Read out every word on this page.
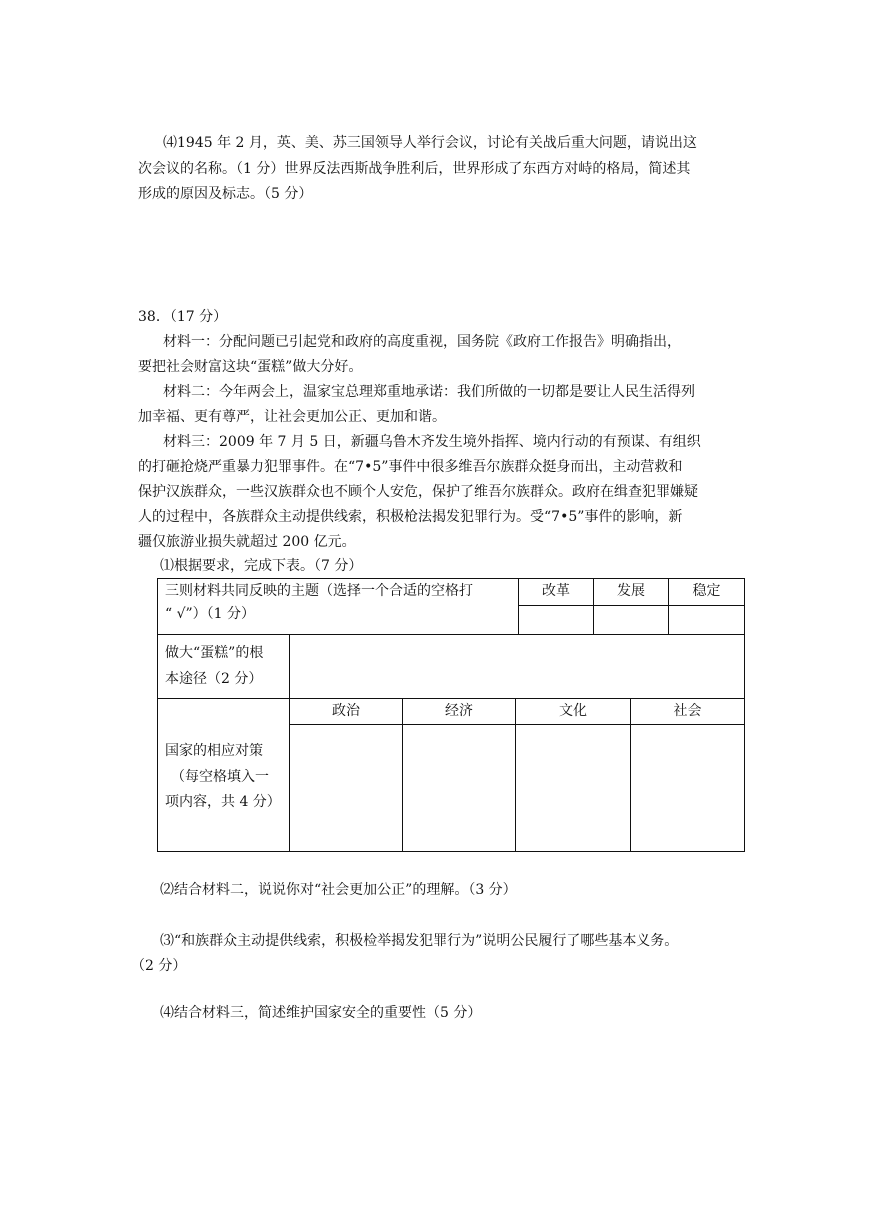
⑷1945 年 2 月，英、美、苏三国领导人举行会议，讨论有关战后重大问题，请说出这
次会议的名称。（1 分）世界反法西斯战争胜利后，世界形成了东西方对峙的格局，简述其
形成的原因及标志。（5 分）
38．（17 分）
材料一：分配问题已引起党和政府的高度重视，国务院《政府工作报告》明确指出，
要把社会财富这块“蛋糕”做大分好。
材料二：今年两会上，温家宝总理郑重地承诺：我们所做的一切都是要让人民生活得列
加幸福、更有尊严，让社会更加公正、更加和谐。
材料三：2009 年 7 月 5 日，新疆乌鲁木齐发生境外指挥、境内行动的有预谋、有组织
的打砸抢烧严重暴力犯罪事件。在“7•5”事件中很多维吾尔族群众挺身而出，主动营救和
保护汉族群众，一些汉族群众也不顾个人安危，保护了维吾尔族群众。政府在缉查犯罪嫌疑
人的过程中，各族群众主动提供线索，积极枪法揭发犯罪行为。受“7•5”事件的影响，新
疆仅旅游业损失就超过 200 亿元。
⑴根据要求，完成下表。（7 分）
三则材料共同反映的主题（选择一个合适的空格打
“ √”）（1 分）
改革	发展	稳定
做大“蛋糕”的根
本途径（2 分）
国家的相应对策
（每空格填入一
项内容，共 4 分）
政治	经济	文化	社会
⑵结合材料二，说说你对“社会更加公正”的理解。（3 分）
⑶“和族群众主动提供线索，积极检举揭发犯罪行为”说明公民履行了哪些基本义务。
（2 分）
⑷结合材料三，简述维护国家安全的重要性（5 分）
